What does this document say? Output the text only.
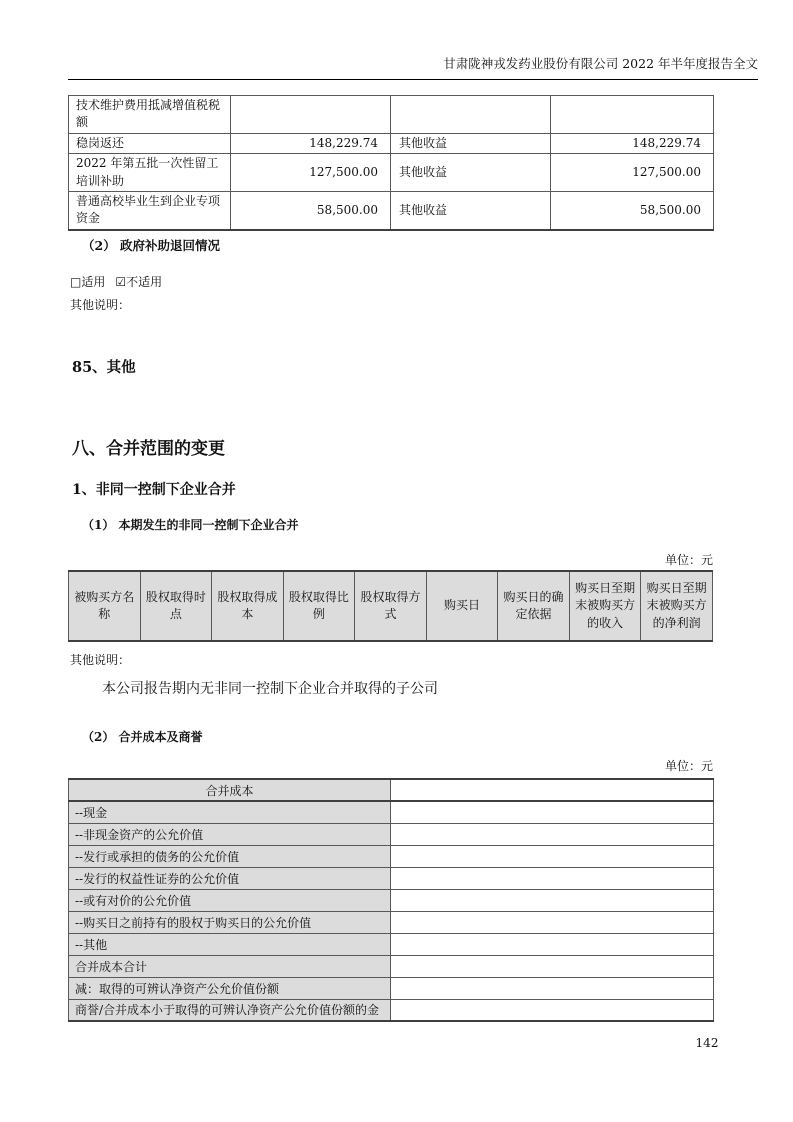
甘肃陇神戎发药业股份有限公司 2022 年半年度报告全文
技术维护费用抵减增值税税额			
稳岗返还	148,229.74	其他收益	148,229.74
2022 年第五批一次性留工培训补助	127,500.00	其他收益	127,500.00
普通高校毕业生到企业专项资金	58,500.00	其他收益	58,500.00
（2） 政府补助退回情况
□适用 ☑不适用
其他说明：
85、其他
八、合并范围的变更
1、非同一控制下企业合并
（1） 本期发生的非同一控制下企业合并
单位：元
被购买方名称	股权取得时点	股权取得成本	股权取得比例	股权取得方式	购买日	购买日的确定依据	购买日至期末被购买方的收入	购买日至期末被购买方的净利润
其他说明：
本公司报告期内无非同一控制下企业合并取得的子公司
（2） 合并成本及商誉
单位：元
合并成本	
--现金	
--非现金资产的公允价值	
--发行或承担的债务的公允价值	
--发行的权益性证券的公允价值	
--或有对价的公允价值	
--购买日之前持有的股权于购买日的公允价值	
--其他	
合并成本合计	
减：取得的可辨认净资产公允价值份额	
商誉/合并成本小于取得的可辨认净资产公允价值份额的金	
142
